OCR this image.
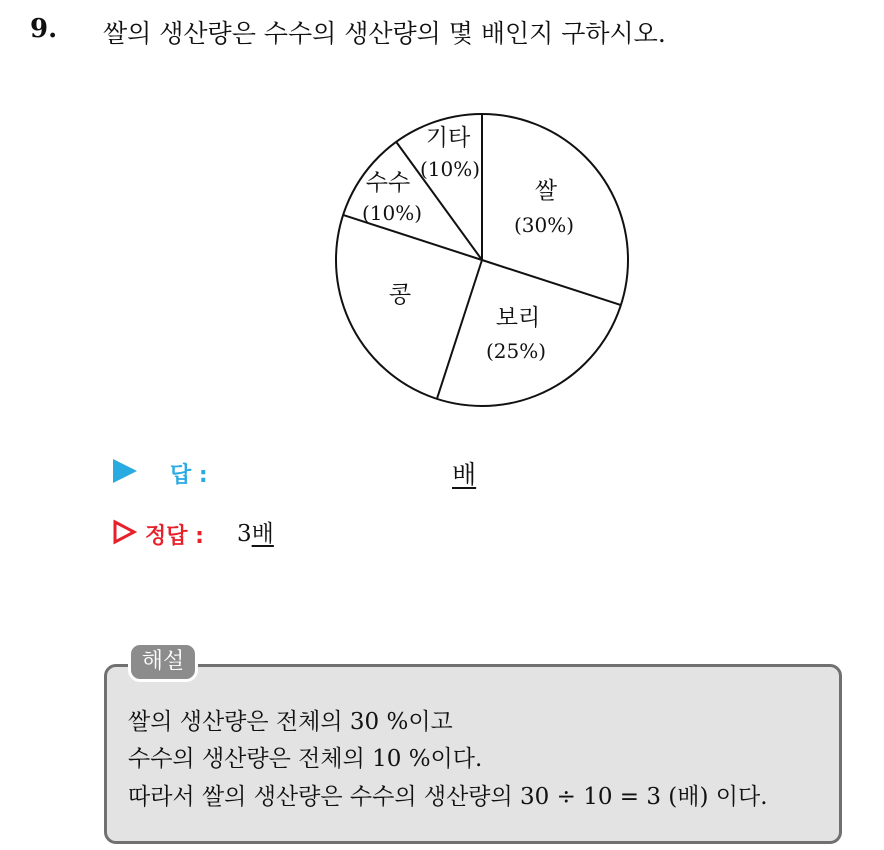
9. 쌀의 생산량은 수수의 생산량의 몇 배인지 구하시오.
쌀
(30%)
보리
(25%)
콩
수수
(10%)
기타
(10%)
답 :	배
정답 : 3배
해설
쌀의 생산량은 전체의 30 %이고
수수의 생산량은 전체의 10 %이다.
따라서 쌀의 생산량은 수수의 생산량의 30 ÷ 10 = 3 (배) 이다.
